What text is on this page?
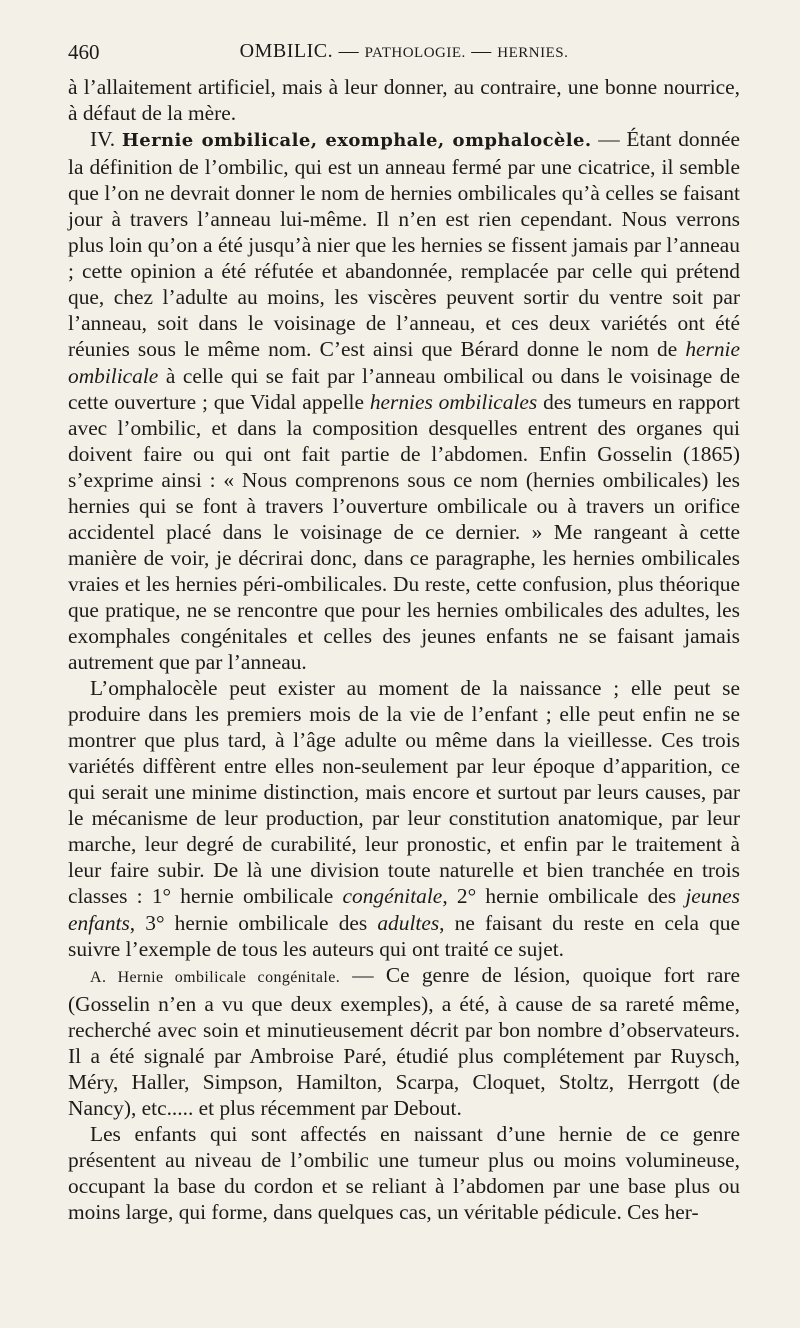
460	OMBILIC. — PATHOLOGIE. — HERNIES.

à l’allaitement artificiel, mais à leur donner, au contraire, une bonne nourrice, à défaut de la mère.

IV. Hernie ombilicale, exomphale, omphalocèle. — Étant donnée la définition de l’ombilic, qui est un anneau fermé par une cicatrice, il semble que l’on ne devrait donner le nom de hernies ombilicales qu’à celles se faisant jour à travers l’anneau lui-même. Il n’en est rien cependant. Nous verrons plus loin qu’on a été jusqu’à nier que les hernies se fissent jamais par l’anneau ; cette opinion a été réfutée et abandonnée, remplacée par celle qui prétend que, chez l’adulte au moins, les viscères peuvent sortir du ventre soit par l’anneau, soit dans le voisinage de l’anneau, et ces deux variétés ont été réunies sous le même nom. C’est ainsi que Bérard donne le nom de hernie ombilicale à celle qui se fait par l’anneau ombilical ou dans le voisinage de cette ouverture ; que Vidal appelle hernies ombilicales des tumeurs en rapport avec l’ombilic, et dans la composition desquelles entrent des organes qui doivent faire ou qui ont fait partie de l’abdomen. Enfin Gosselin (1865) s’exprime ainsi : « Nous comprenons sous ce nom (hernies ombilicales) les hernies qui se font à travers l’ouverture ombilicale ou à travers un orifice accidentel placé dans le voisinage de ce dernier. » Me rangeant à cette manière de voir, je décrirai donc, dans ce paragraphe, les hernies ombilicales vraies et les hernies péri-ombilicales. Du reste, cette confusion, plus théorique que pratique, ne se rencontre que pour les hernies ombilicales des adultes, les exomphales congénitales et celles des jeunes enfants ne se faisant jamais autrement que par l’anneau.

L’omphalocèle peut exister au moment de la naissance ; elle peut se produire dans les premiers mois de la vie de l’enfant ; elle peut enfin ne se montrer que plus tard, à l’âge adulte ou même dans la vieillesse. Ces trois variétés diffèrent entre elles non-seulement par leur époque d’apparition, ce qui serait une minime distinction, mais encore et surtout par leurs causes, par le mécanisme de leur production, par leur constitution anatomique, par leur marche, leur degré de curabilité, leur pronostic, et enfin par le traitement à leur faire subir. De là une division toute naturelle et bien tranchée en trois classes : 1° hernie ombilicale congénitale, 2° hernie ombilicale des jeunes enfants, 3° hernie ombilicale des adultes, ne faisant du reste en cela que suivre l’exemple de tous les auteurs qui ont traité ce sujet.

A. Hernie ombilicale congénitale. — Ce genre de lésion, quoique fort rare (Gosselin n’en a vu que deux exemples), a été, à cause de sa rareté même, recherché avec soin et minutieusement décrit par bon nombre d’observateurs. Il a été signalé par Ambroise Paré, étudié plus complétement par Ruysch, Méry, Haller, Simpson, Hamilton, Scarpa, Cloquet, Stoltz, Herrgott (de Nancy), etc..... et plus récemment par Debout.

Les enfants qui sont affectés en naissant d’une hernie de ce genre présentent au niveau de l’ombilic une tumeur plus ou moins volumineuse, occupant la base du cordon et se reliant à l’abdomen par une base plus ou moins large, qui forme, dans quelques cas, un véritable pédicule. Ces her-
